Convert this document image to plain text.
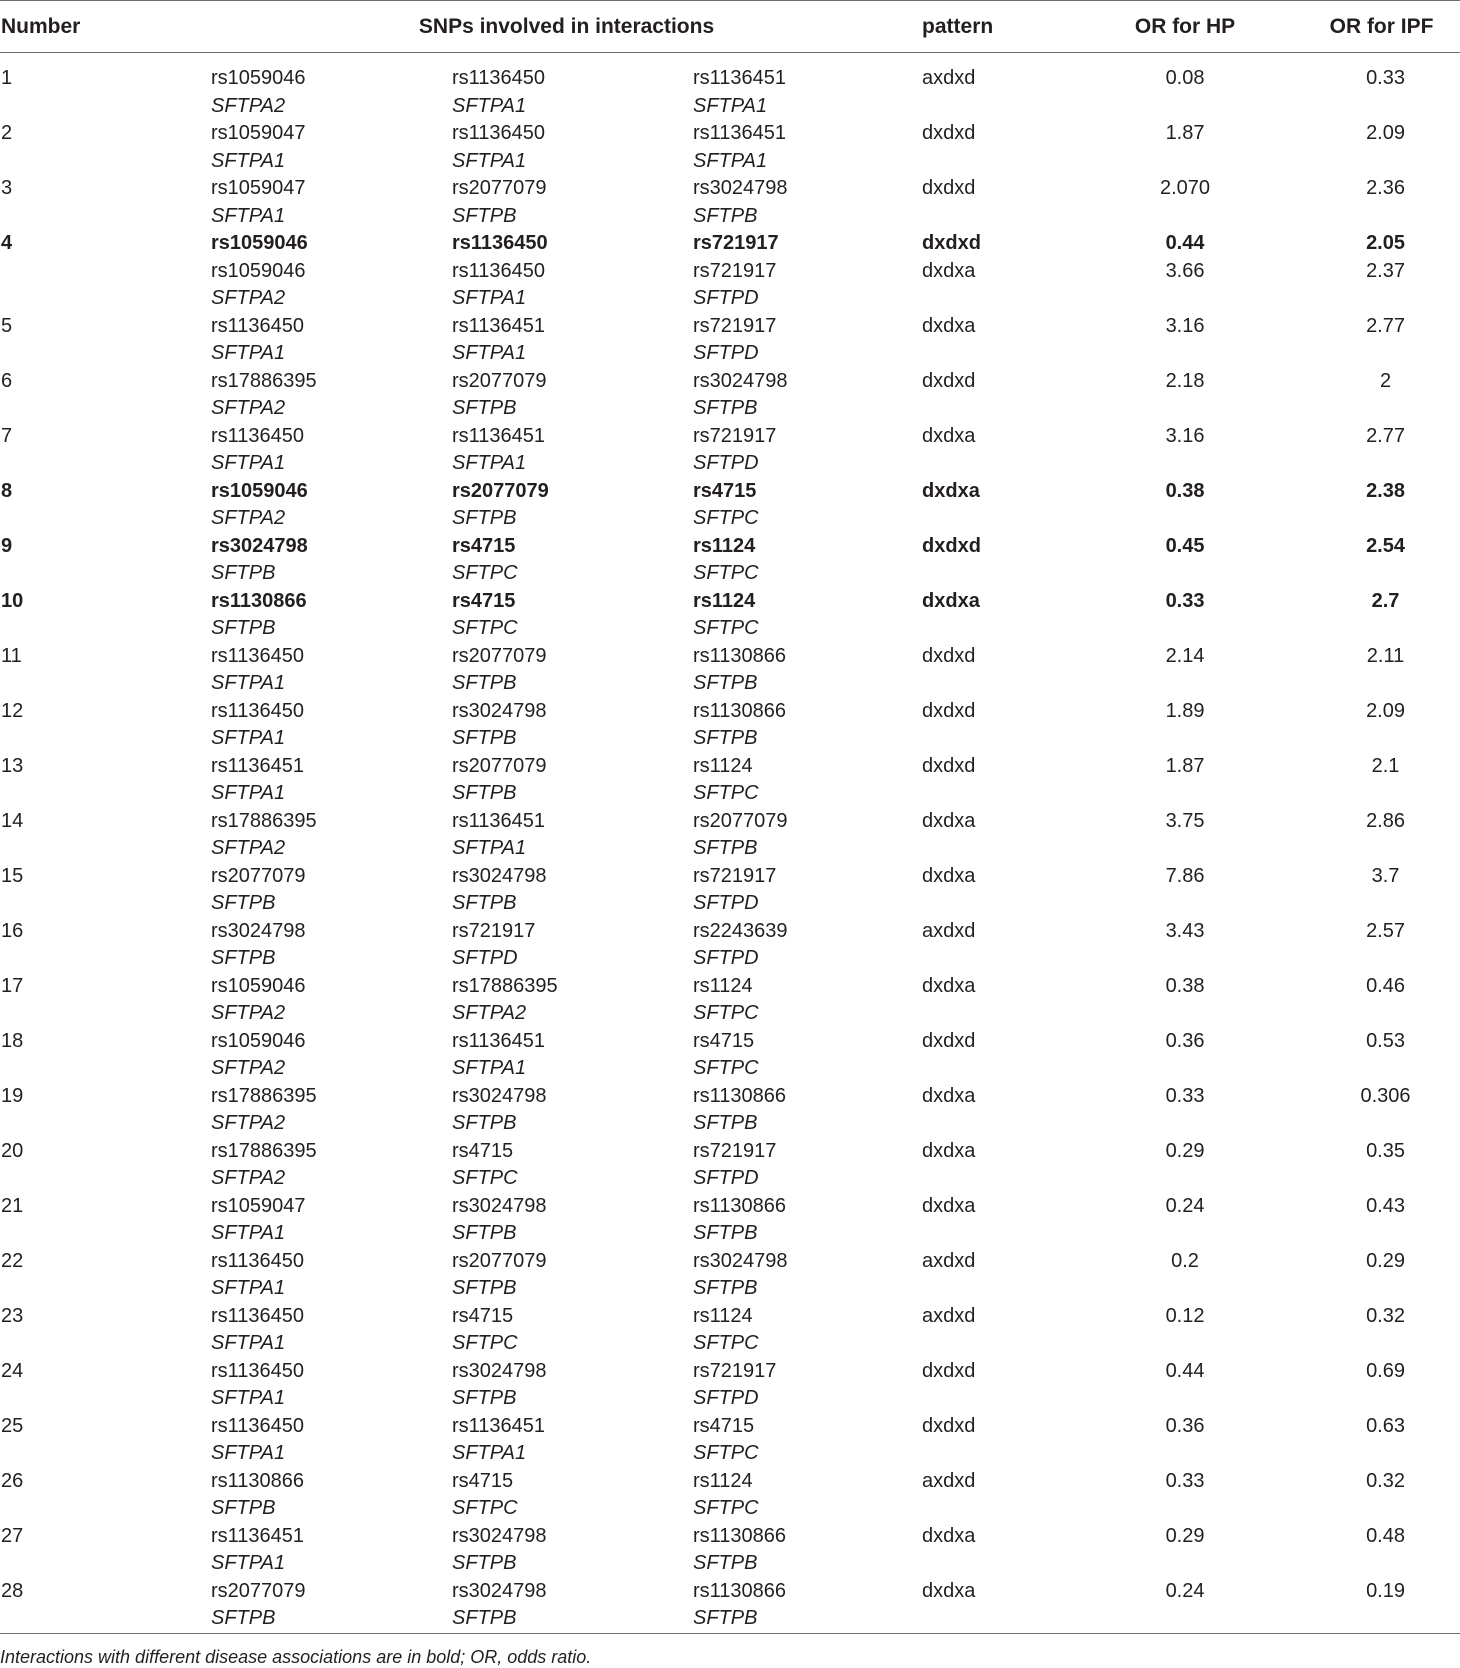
Number	SNPs involved in interactions			pattern	OR for HP	OR for IPF

1	rs1059046	rs1136450	rs1136451	axdxd	0.08	0.33
	SFTPA2	SFTPA1	SFTPA1			
2	rs1059047	rs1136450	rs1136451	dxdxd	1.87	2.09
	SFTPA1	SFTPA1	SFTPA1			
3	rs1059047	rs2077079	rs3024798	dxdxd	2.070	2.36
	SFTPA1	SFTPB	SFTPB			
4	rs1059046	rs1136450	rs721917	dxdxd	0.44	2.05
	rs1059046	rs1136450	rs721917	dxdxa	3.66	2.37
	SFTPA2	SFTPA1	SFTPD			
5	rs1136450	rs1136451	rs721917	dxdxa	3.16	2.77
	SFTPA1	SFTPA1	SFTPD			
6	rs17886395	rs2077079	rs3024798	dxdxd	2.18	2
	SFTPA2	SFTPB	SFTPB			
7	rs1136450	rs1136451	rs721917	dxdxa	3.16	2.77
	SFTPA1	SFTPA1	SFTPD			
8	rs1059046	rs2077079	rs4715	dxdxa	0.38	2.38
	SFTPA2	SFTPB	SFTPC			
9	rs3024798	rs4715	rs1124	dxdxd	0.45	2.54
	SFTPB	SFTPC	SFTPC			
10	rs1130866	rs4715	rs1124	dxdxa	0.33	2.7
	SFTPB	SFTPC	SFTPC			
11	rs1136450	rs2077079	rs1130866	dxdxd	2.14	2.11
	SFTPA1	SFTPB	SFTPB			
12	rs1136450	rs3024798	rs1130866	dxdxd	1.89	2.09
	SFTPA1	SFTPB	SFTPB			
13	rs1136451	rs2077079	rs1124	dxdxd	1.87	2.1
	SFTPA1	SFTPB	SFTPC			
14	rs17886395	rs1136451	rs2077079	dxdxa	3.75	2.86
	SFTPA2	SFTPA1	SFTPB			
15	rs2077079	rs3024798	rs721917	dxdxa	7.86	3.7
	SFTPB	SFTPB	SFTPD			
16	rs3024798	rs721917	rs2243639	axdxd	3.43	2.57
	SFTPB	SFTPD	SFTPD			
17	rs1059046	rs17886395	rs1124	dxdxa	0.38	0.46
	SFTPA2	SFTPA2	SFTPC			
18	rs1059046	rs1136451	rs4715	dxdxd	0.36	0.53
	SFTPA2	SFTPA1	SFTPC			
19	rs17886395	rs3024798	rs1130866	dxdxa	0.33	0.306
	SFTPA2	SFTPB	SFTPB			
20	rs17886395	rs4715	rs721917	dxdxa	0.29	0.35
	SFTPA2	SFTPC	SFTPD			
21	rs1059047	rs3024798	rs1130866	dxdxa	0.24	0.43
	SFTPA1	SFTPB	SFTPB			
22	rs1136450	rs2077079	rs3024798	axdxd	0.2	0.29
	SFTPA1	SFTPB	SFTPB			
23	rs1136450	rs4715	rs1124	axdxd	0.12	0.32
	SFTPA1	SFTPC	SFTPC			
24	rs1136450	rs3024798	rs721917	dxdxd	0.44	0.69
	SFTPA1	SFTPB	SFTPD			
25	rs1136450	rs1136451	rs4715	dxdxd	0.36	0.63
	SFTPA1	SFTPA1	SFTPC			
26	rs1130866	rs4715	rs1124	axdxd	0.33	0.32
	SFTPB	SFTPC	SFTPC			
27	rs1136451	rs3024798	rs1130866	dxdxa	0.29	0.48
	SFTPA1	SFTPB	SFTPB			
28	rs2077079	rs3024798	rs1130866	dxdxa	0.24	0.19
	SFTPB	SFTPB	SFTPB			
Interactions with different disease associations are in bold; OR, odds ratio.
